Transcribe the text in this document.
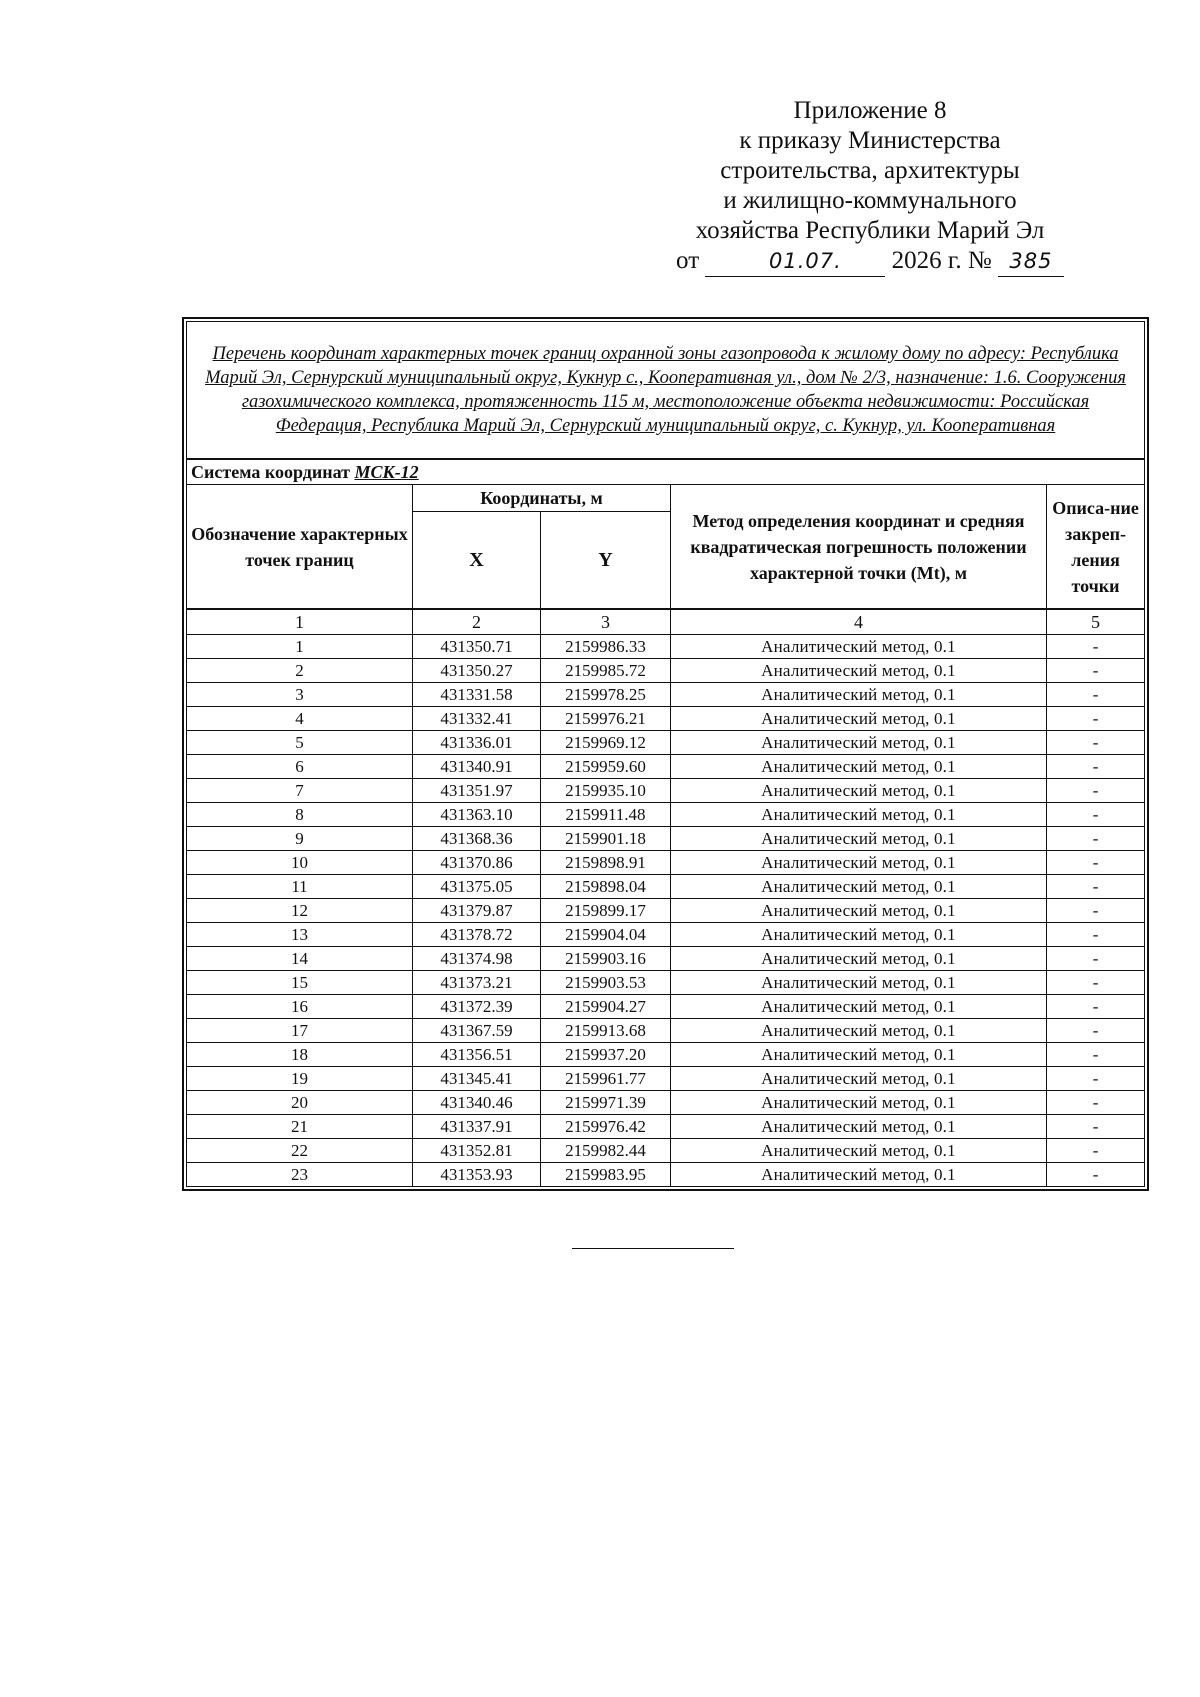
Приложение 8
к приказу Министерства
строительства, архитектуры
и жилищно-коммунального
хозяйства Республики Марий Эл
от	01.07. 2026 г. № 385
Перечень координат характерных точек границ охранной зоны газопровода к жилому дому по адресу: Республика Марий Эл, Сернурский муниципальный округ, Кукнур с., Кооперативная ул., дом № 2/3, назначение: 1.6. Сооружения газохимического комплекса, протяженность 115 м, местоположение объекта недвижимости: Российская Федерация, Республика Марий Эл, Сернурский муниципальный округ, с. Кукнур, ул. Кооперативная				
Система координат МСК-12				
Обозначение характерных точек границ	Координаты, м		Метод определения координат и средняя квадратическая погрешность положении характерной точки (Mt), м	Описа-ние закреп-ления точки
	X	Y		
1	2	3	4	5
1	431350.71	2159986.33	Аналитический метод, 0.1	-
2	431350.27	2159985.72	Аналитический метод, 0.1	-
3	431331.58	2159978.25	Аналитический метод, 0.1	-
4	431332.41	2159976.21	Аналитический метод, 0.1	-
5	431336.01	2159969.12	Аналитический метод, 0.1	-
6	431340.91	2159959.60	Аналитический метод, 0.1	-
7	431351.97	2159935.10	Аналитический метод, 0.1	-
8	431363.10	2159911.48	Аналитический метод, 0.1	-
9	431368.36	2159901.18	Аналитический метод, 0.1	-
10	431370.86	2159898.91	Аналитический метод, 0.1	-
11	431375.05	2159898.04	Аналитический метод, 0.1	-
12	431379.87	2159899.17	Аналитический метод, 0.1	-
13	431378.72	2159904.04	Аналитический метод, 0.1	-
14	431374.98	2159903.16	Аналитический метод, 0.1	-
15	431373.21	2159903.53	Аналитический метод, 0.1	-
16	431372.39	2159904.27	Аналитический метод, 0.1	-
17	431367.59	2159913.68	Аналитический метод, 0.1	-
18	431356.51	2159937.20	Аналитический метод, 0.1	-
19	431345.41	2159961.77	Аналитический метод, 0.1	-
20	431340.46	2159971.39	Аналитический метод, 0.1	-
21	431337.91	2159976.42	Аналитический метод, 0.1	-
22	431352.81	2159982.44	Аналитический метод, 0.1	-
23	431353.93	2159983.95	Аналитический метод, 0.1	-
